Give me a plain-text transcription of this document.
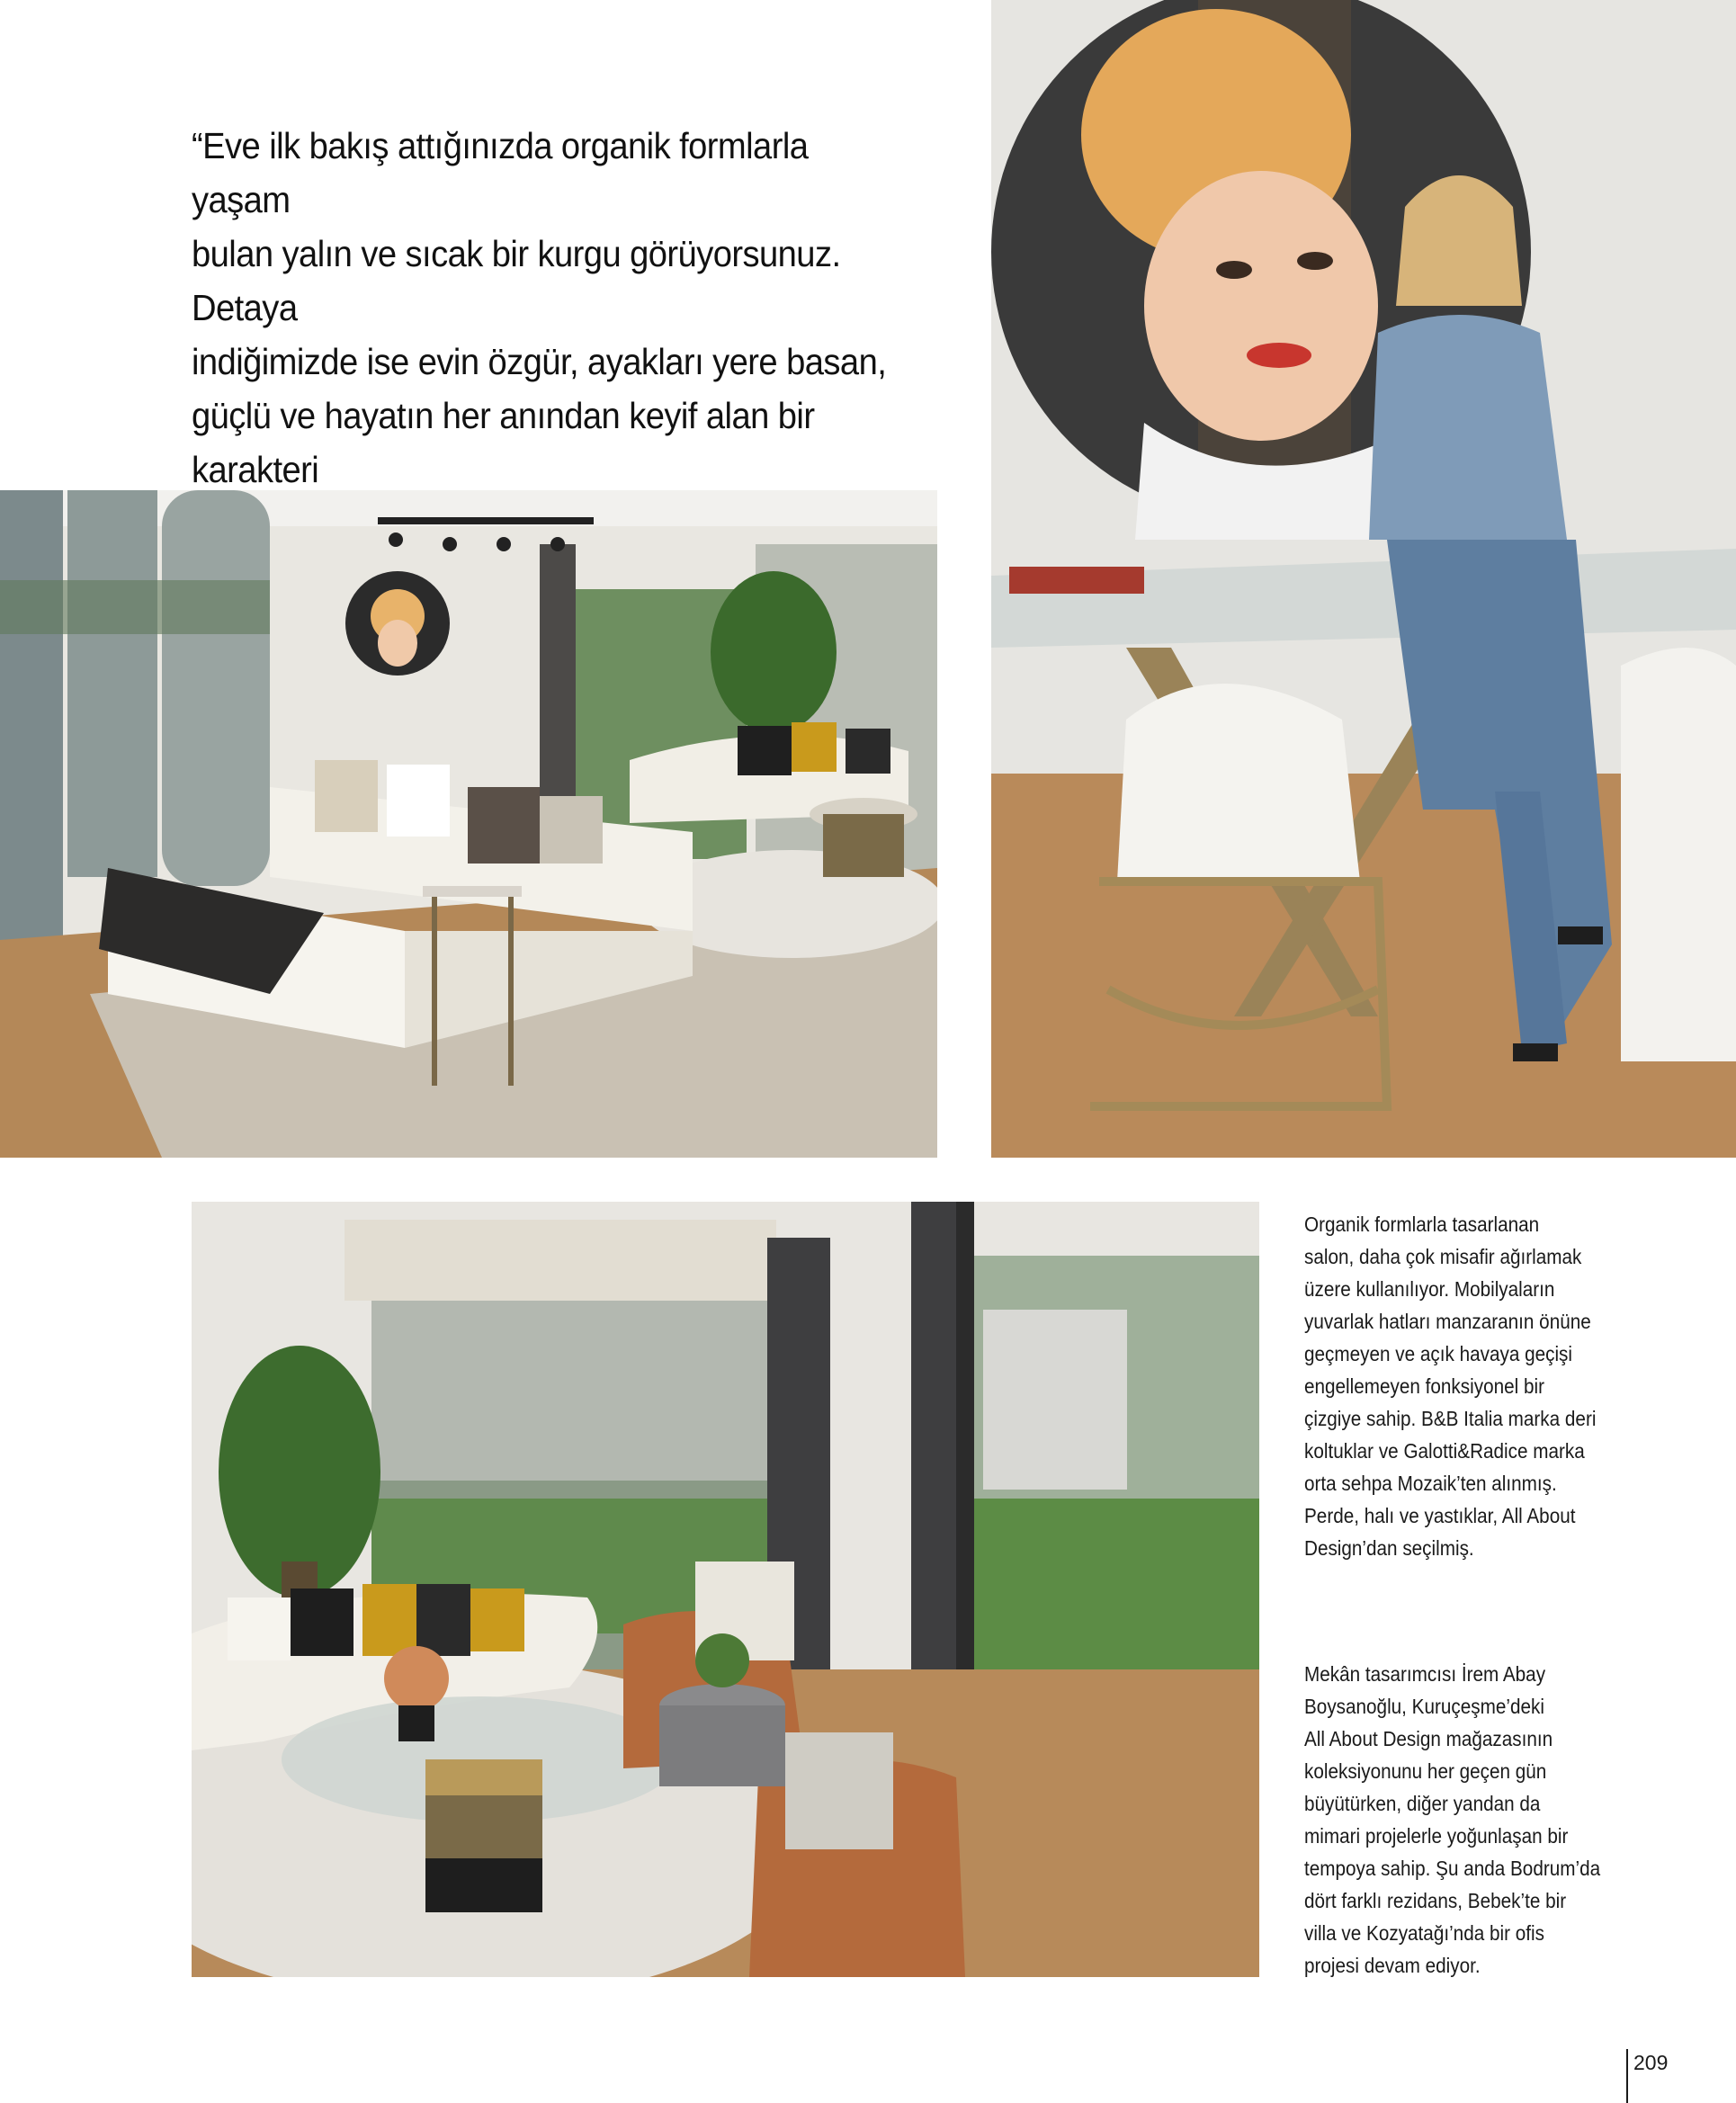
“Eve ilk bakış attığınızda organik formlarla yaşam
bulan yalın ve sıcak bir kurgu görüyorsunuz. Detaya
indiğimizde ise evin özgür, ayakları yere basan,
güçlü ve hayatın her anından keyif alan bir karakteri
Organik formlarla tasarlanan
salon, daha çok misafir ağırlamak
üzere kullanılıyor. Mobilyaların
yuvarlak hatları manzaranın önüne
geçmeyen ve açık havaya geçişi
engellemeyen fonksiyonel bir
çizgiye sahip. B&B Italia marka deri
koltuklar ve Galotti&Radice marka
orta sehpa Mozaik’ten alınmış.
Perde, halı ve yastıklar, All About
Design’dan seçilmiş.
Mekân tasarımcısı İrem Abay
Boysanoğlu, Kuruçeşme’deki
All About Design mağazasının
koleksiyonunu her geçen gün
büyütürken, diğer yandan da
mimari projelerle yoğunlaşan bir
tempoya sahip. Şu anda Bodrum’da
dört farklı rezidans, Bebek’te bir
villa ve Kozyatağı’nda bir ofis
projesi devam ediyor.
209
